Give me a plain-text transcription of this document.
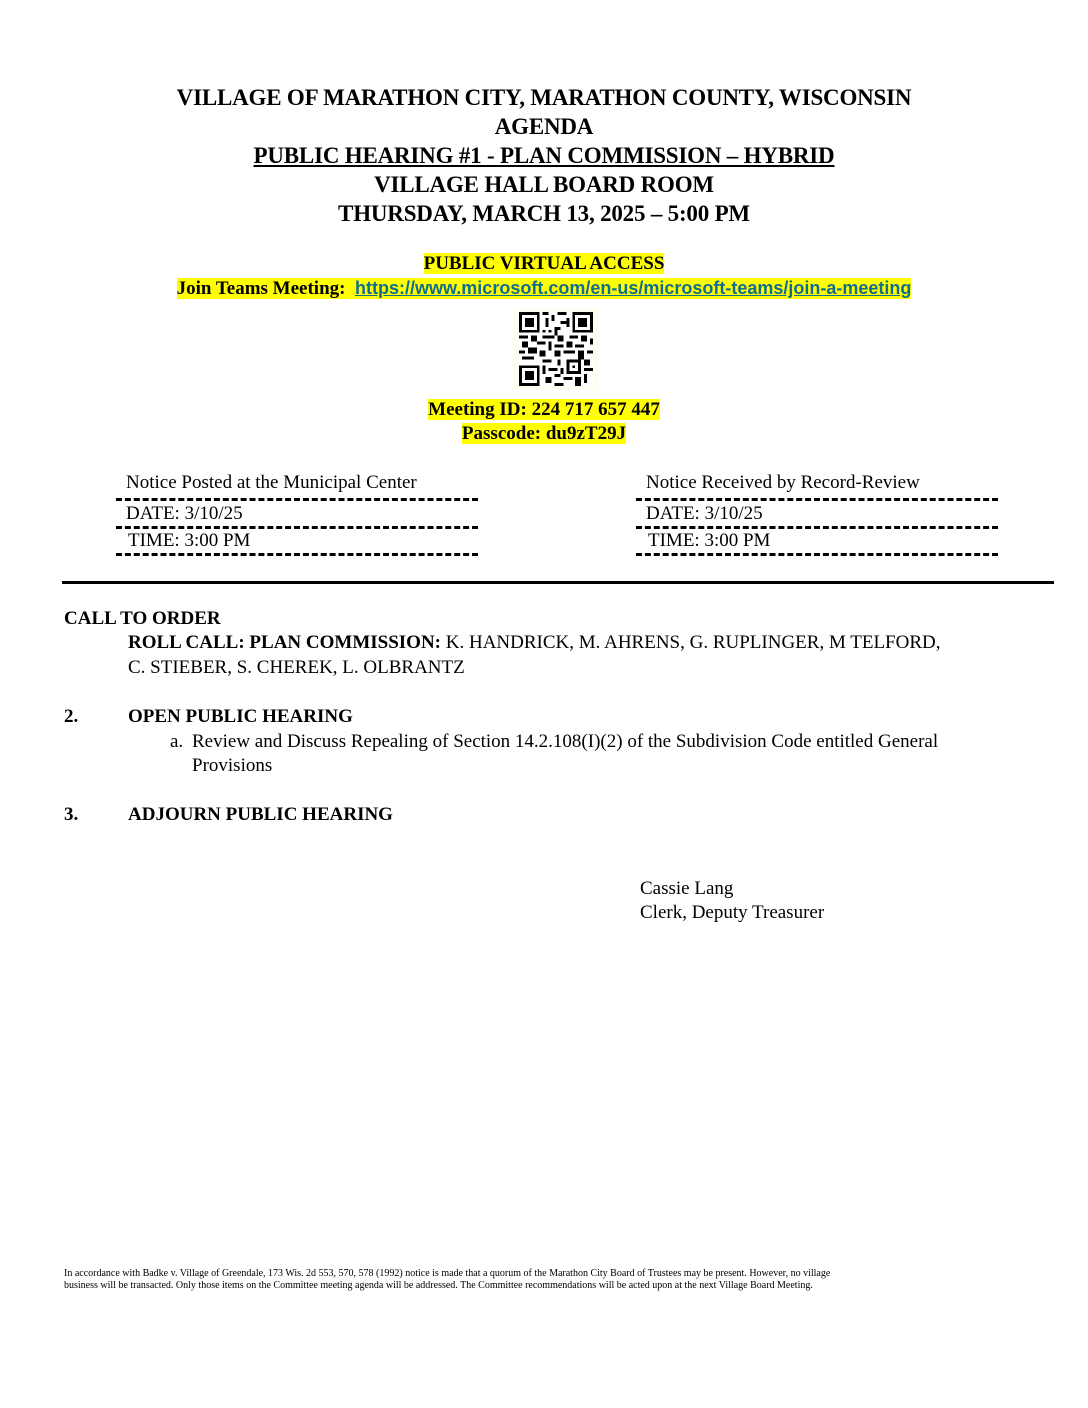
VILLAGE OF MARATHON CITY, MARATHON COUNTY, WISCONSIN
AGENDA
PUBLIC HEARING #1 - PLAN COMMISSION – HYBRID
VILLAGE HALL BOARD ROOM
THURSDAY, MARCH 13, 2025 – 5:00 PM
PUBLIC VIRTUAL ACCESS
Join Teams Meeting: https://www.microsoft.com/en-us/microsoft-teams/join-a-meeting
Meeting ID: 224 717 657 447
Passcode: du9zT29J
Notice Posted at the Municipal Center
DATE: 3/10/25
TIME: 3:00 PM
Notice Received by Record-Review
DATE: 3/10/25
TIME: 3:00 PM
CALL TO ORDER
ROLL CALL: PLAN COMMISSION: K. HANDRICK, M. AHRENS, G. RUPLINGER, M TELFORD,
C. STIEBER, S. CHEREK, L. OLBRANTZ
2.	OPEN PUBLIC HEARING
a. Review and Discuss Repealing of Section 14.2.108(I)(2) of the Subdivision Code entitled General
Provisions
3.	ADJOURN PUBLIC HEARING
Cassie Lang
Clerk, Deputy Treasurer
In accordance with Badke v. Village of Greendale, 173 Wis. 2d 553, 570, 578 (1992) notice is made that a quorum of the Marathon City Board of Trustees may be present. However, no village
business will be transacted. Only those items on the Committee meeting agenda will be addressed. The Committee recommendations will be acted upon at the next Village Board Meeting.
